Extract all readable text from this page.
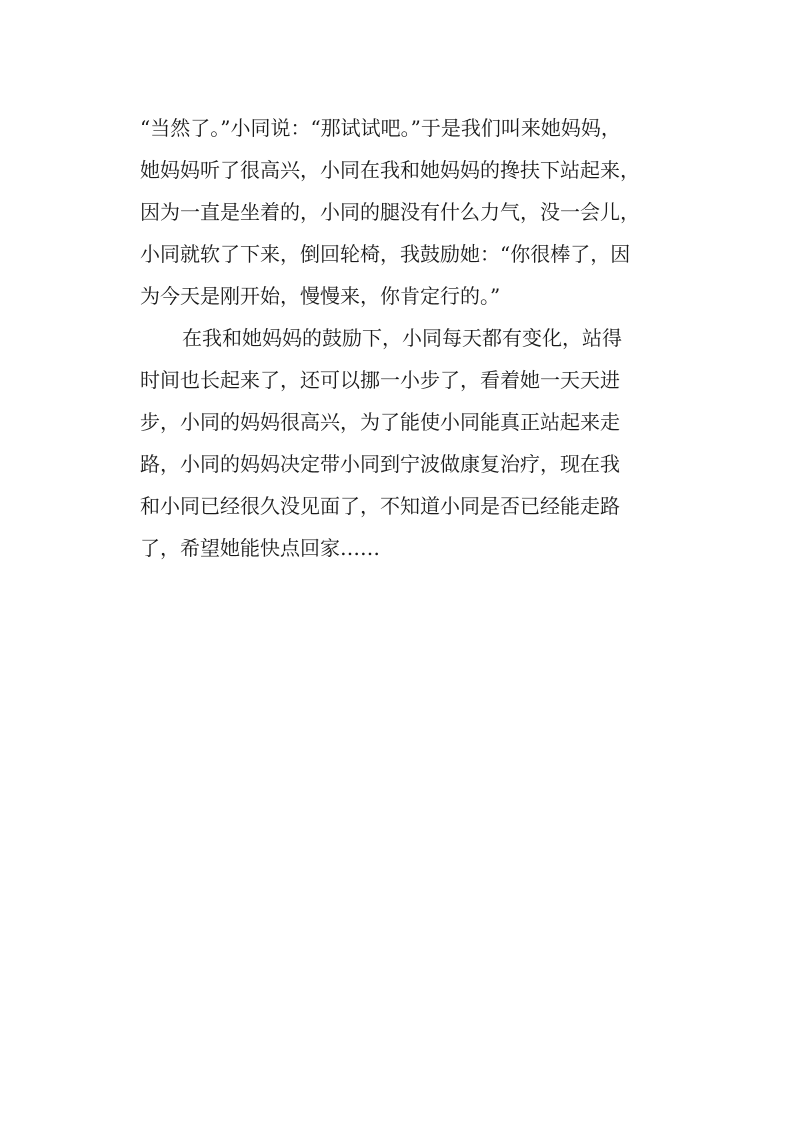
“当然了。”小同说：“那试试吧。”于是我们叫来她妈妈，
她妈妈听了很高兴，小同在我和她妈妈的搀扶下站起来，
因为一直是坐着的，小同的腿没有什么力气，没一会儿，
小同就软了下来，倒回轮椅，我鼓励她：“你很棒了，因
为今天是刚开始，慢慢来，你肯定行的。”
在我和她妈妈的鼓励下，小同每天都有变化，站得
时间也长起来了，还可以挪一小步了，看着她一天天进
步，小同的妈妈很高兴，为了能使小同能真正站起来走
路，小同的妈妈决定带小同到宁波做康复治疗，现在我
和小同已经很久没见面了，不知道小同是否已经能走路
了，希望她能快点回家……
